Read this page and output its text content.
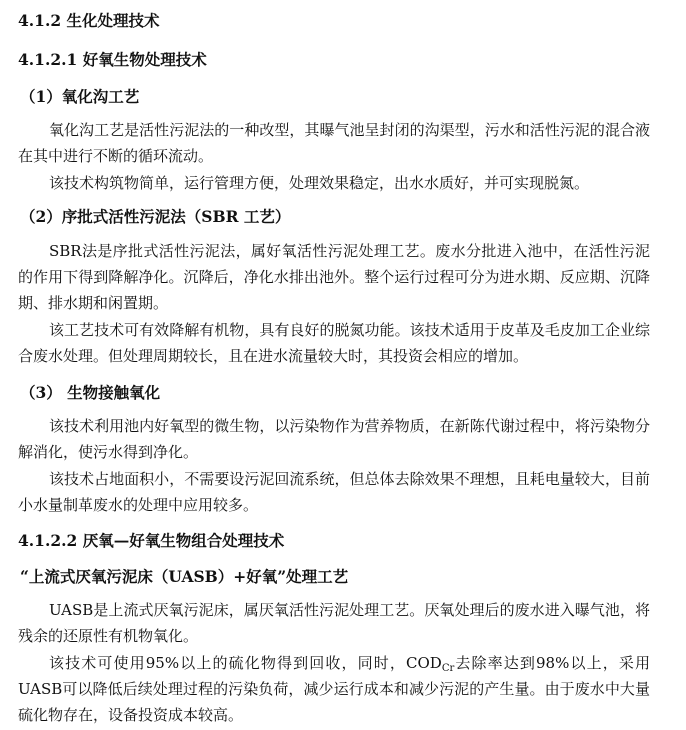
4.1.2 生化处理技术
4.1.2.1 好氧生物处理技术
（1）氧化沟工艺
氧化沟工艺是活性污泥法的一种改型，其曝气池呈封闭的沟渠型，污水和活性污泥的混合液在其中进行不断的循环流动。
该技术构筑物简单，运行管理方便，处理效果稳定，出水水质好，并可实现脱氮。
（2）序批式活性污泥法（SBR 工艺）
SBR法是序批式活性污泥法，属好氧活性污泥处理工艺。废水分批进入池中，在活性污泥的作用下得到降解净化。沉降后，净化水排出池外。整个运行过程可分为进水期、反应期、沉降期、排水期和闲置期。
该工艺技术可有效降解有机物，具有良好的脱氮功能。该技术适用于皮革及毛皮加工企业综合废水处理。但处理周期较长，且在进水流量较大时，其投资会相应的增加。
（3） 生物接触氧化
该技术利用池内好氧型的微生物，以污染物作为营养物质，在新陈代谢过程中，将污染物分解消化，使污水得到净化。
该技术占地面积小，不需要设污泥回流系统，但总体去除效果不理想，且耗电量较大，目前小水量制革废水的处理中应用较多。
4.1.2.2 厌氧—好氧生物组合处理技术
“上流式厌氧污泥床（UASB）+好氧”处理工艺
UASB是上流式厌氧污泥床，属厌氧活性污泥处理工艺。厌氧处理后的废水进入曝气池，将残余的还原性有机物氧化。
该技术可使用95%以上的硫化物得到回收，同时，$COD_{Cr}$去除率达到98%以上，采用UASB可以降低后续处理过程的污染负荷，减少运行成本和减少污泥的产生量。由于废水中大量硫化物存在，设备投资成本较高。
